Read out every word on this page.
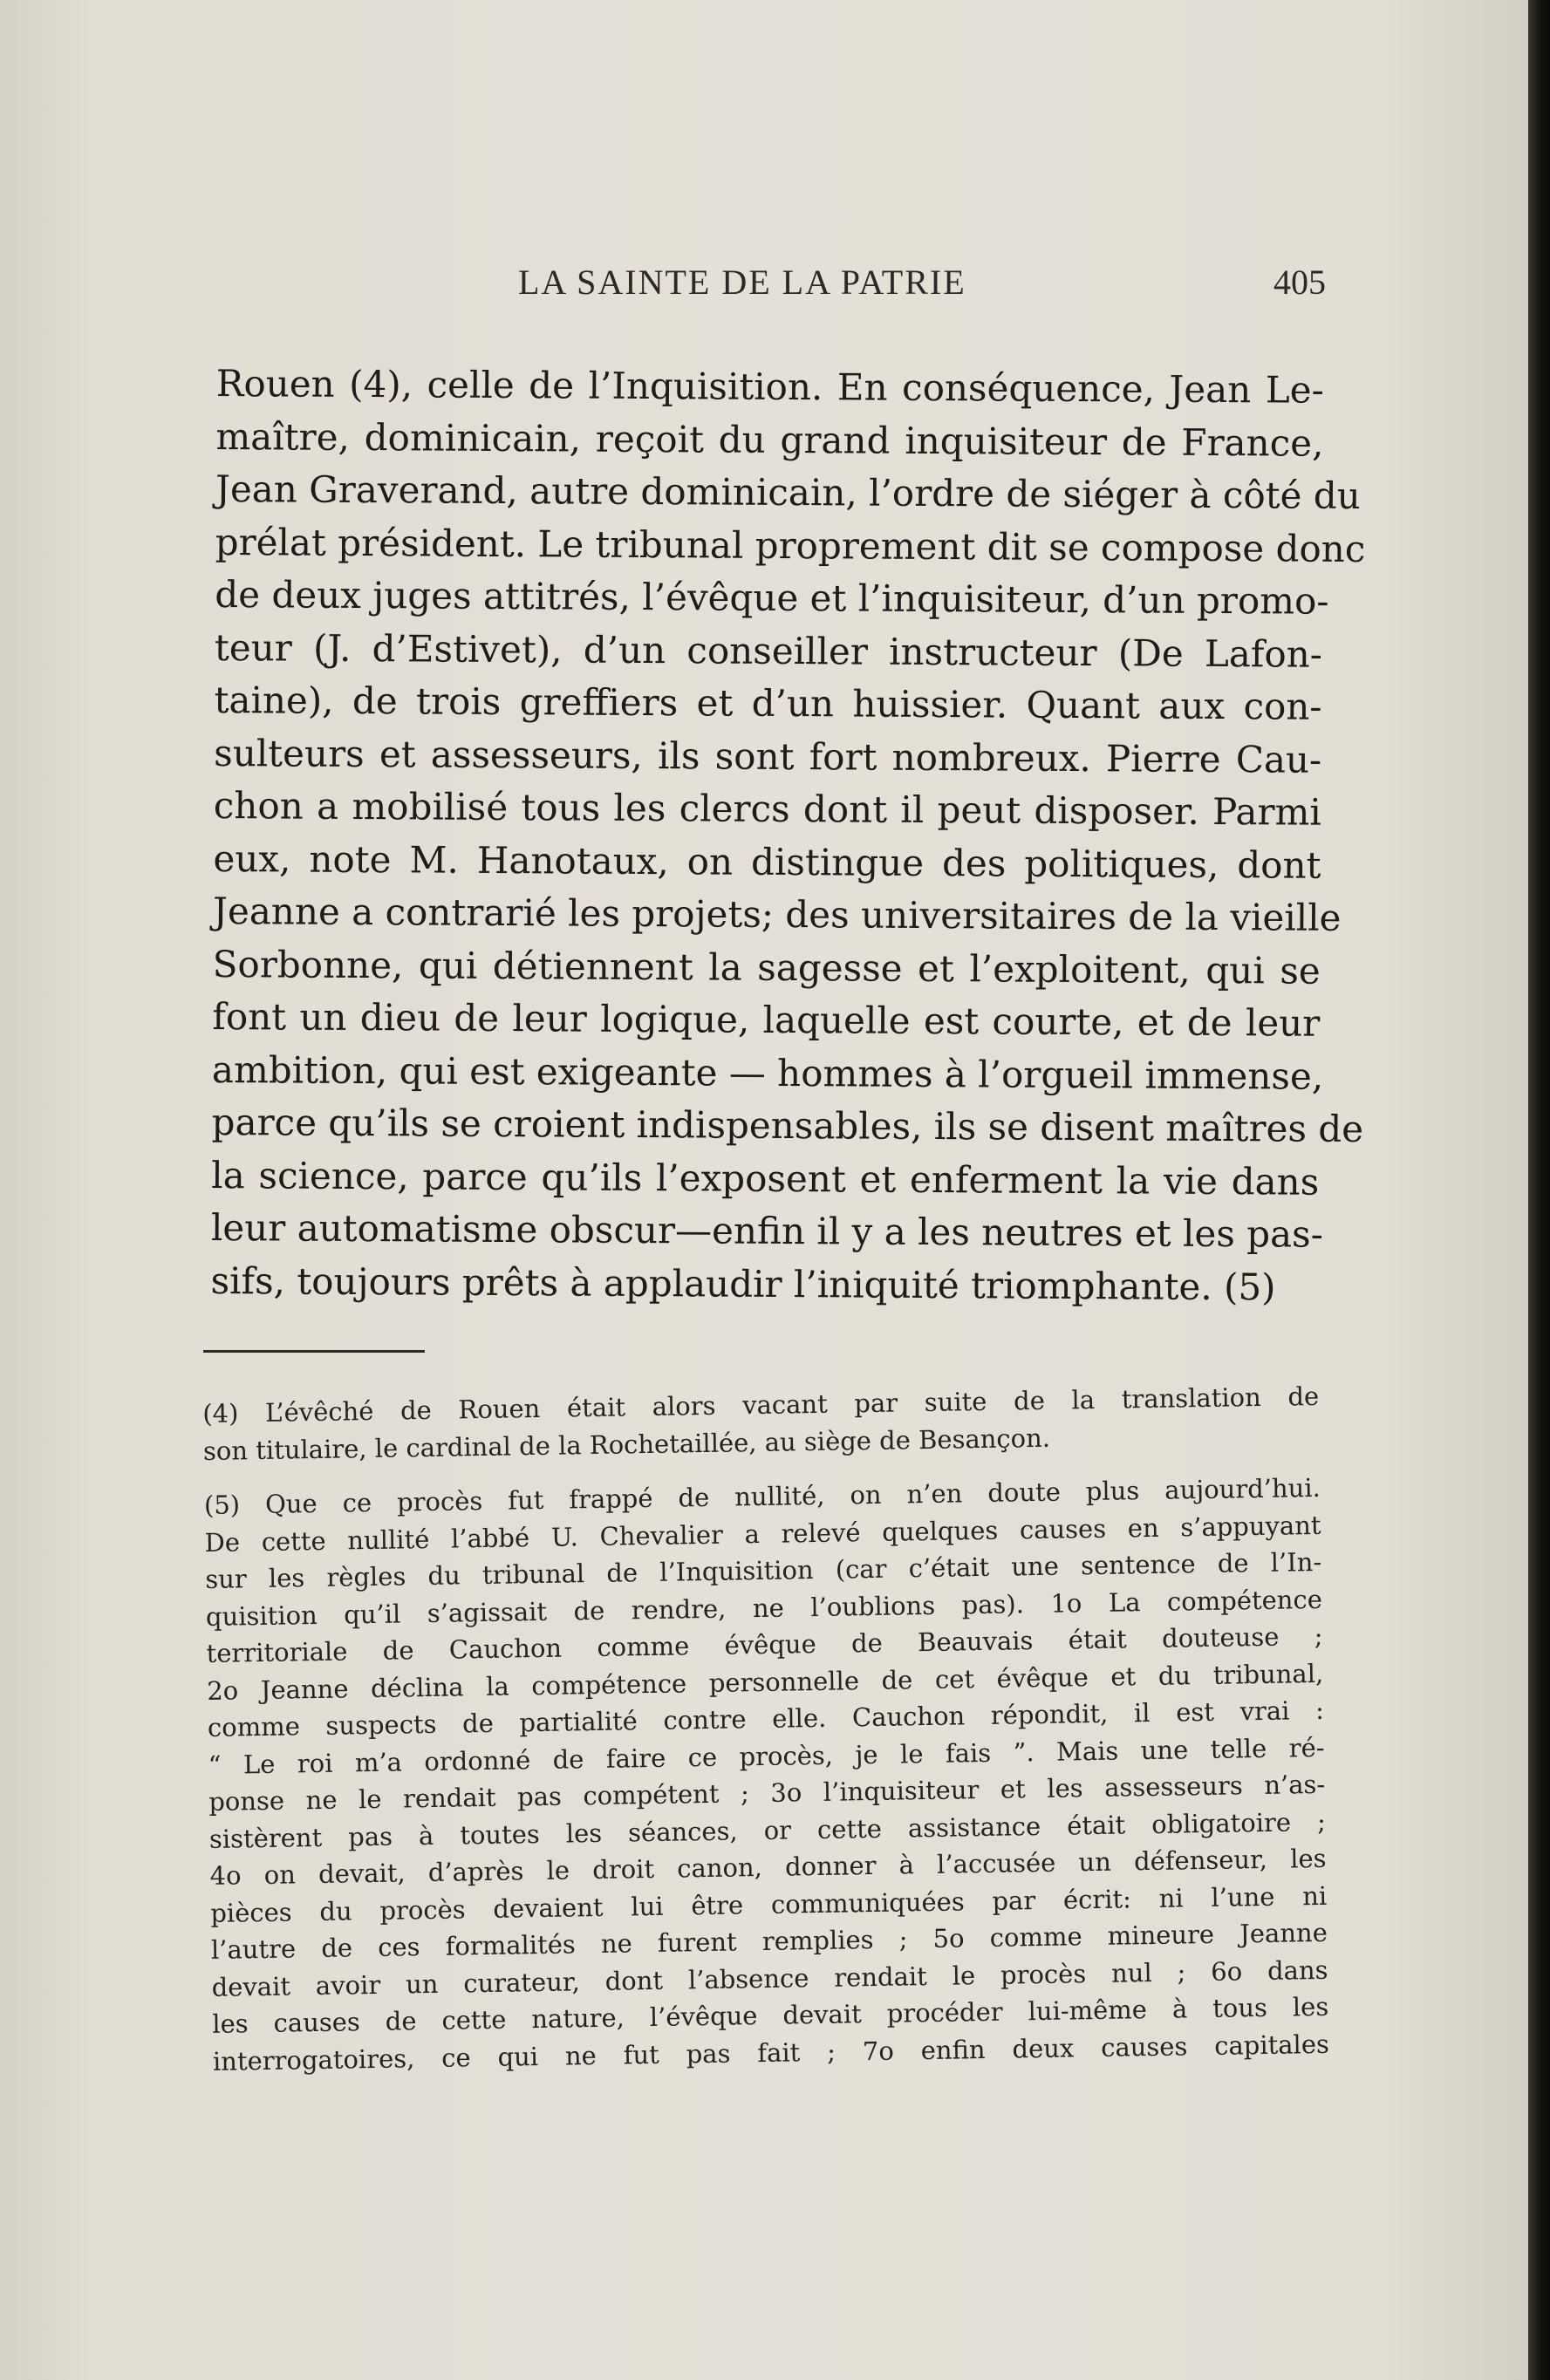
LA SAINTE DE LA PATRIE	405
Rouen (4), celle de l’Inquisition. En conséquence, Jean Le-
maître, dominicain, reçoit du grand inquisiteur de France,
Jean Graverand, autre dominicain, l’ordre de siéger à côté du
prélat président. Le tribunal proprement dit se compose donc
de deux juges attitrés, l’évêque et l’inquisiteur, d’un promo-
teur (J. d’Estivet), d’un conseiller instructeur (De Lafon-
taine), de trois greffiers et d’un huissier. Quant aux con-
sulteurs et assesseurs, ils sont fort nombreux. Pierre Cau-
chon a mobilisé tous les clercs dont il peut disposer. Parmi
eux, note M. Hanotaux, on distingue des politiques, dont
Jeanne a contrarié les projets; des universitaires de la vieille
Sorbonne, qui détiennent la sagesse et l’exploitent, qui se
font un dieu de leur logique, laquelle est courte, et de leur
ambition, qui est exigeante — hommes à l’orgueil immense,
parce qu’ils se croient indispensables, ils se disent maîtres de
la science, parce qu’ils l’exposent et enferment la vie dans
leur automatisme obscur—enfin il y a les neutres et les pas-
sifs, toujours prêts à applaudir l’iniquité triomphante. (5)
(4) L’évêché de Rouen était alors vacant par suite de la translation de
son titulaire, le cardinal de la Rochetaillée, au siège de Besançon.
(5) Que ce procès fut frappé de nullité, on n’en doute plus aujourd’hui.
De cette nullité l’abbé U. Chevalier a relevé quelques causes en s’appuyant
sur les règles du tribunal de l’Inquisition (car c’était une sentence de l’In-
quisition qu’il s’agissait de rendre, ne l’oublions pas). 1o La compétence
territoriale de Cauchon comme évêque de Beauvais était douteuse ;
2o Jeanne déclina la compétence personnelle de cet évêque et du tribunal,
comme suspects de partialité contre elle. Cauchon répondit, il est vrai :
“ Le roi m’a ordonné de faire ce procès, je le fais ”. Mais une telle ré-
ponse ne le rendait pas compétent ; 3o l’inquisiteur et les assesseurs n’as-
sistèrent pas à toutes les séances, or cette assistance était obligatoire ;
4o on devait, d’après le droit canon, donner à l’accusée un défenseur, les
pièces du procès devaient lui être communiquées par écrit: ni l’une ni
l’autre de ces formalités ne furent remplies ; 5o comme mineure Jeanne
devait avoir un curateur, dont l’absence rendait le procès nul ; 6o dans
les causes de cette nature, l’évêque devait procéder lui-même à tous les
interrogatoires, ce qui ne fut pas fait ; 7o enfin deux causes capitales
